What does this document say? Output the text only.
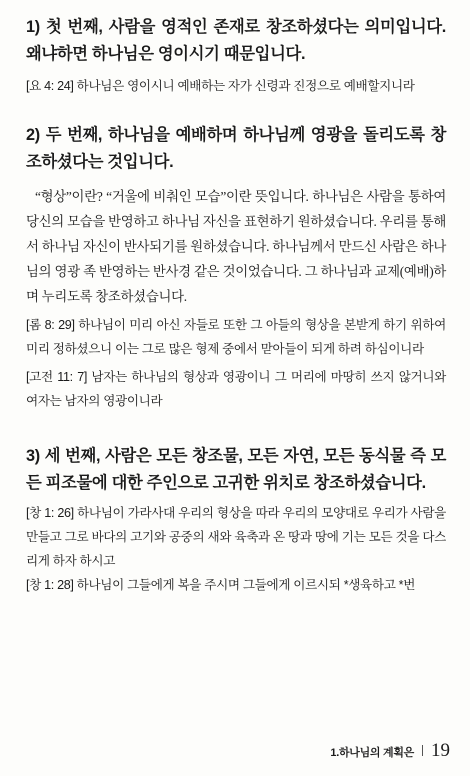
1) 첫 번째, 사람을 영적인 존재로 창조하셨다는 의미입니다. 왜냐하면 하나님은 영이시기 때문입니다.

[요 4: 24] 하나님은 영이시니 예배하는 자가 신령과 진정으로 예배할지니라

2) 두 번째, 하나님을 예배하며 하나님께 영광을 돌리도록 창조하셨다는 것입니다.

“형상”이란? “거울에 비춰인 모습”이란 뜻입니다. 하나님은 사람을 통하여 당신의 모습을 반영하고 하나님 자신을 표현하기 원하셨습니다. 우리를 통해서 하나님 자신이 반사되기를 원하셨습니다. 하나님께서 만드신 사람은 하나님의 영광 족 반영하는 반사경 같은 것이었습니다. 그 하나님과 교제(예배)하며 누리도록 창조하셨습니다.

[롬 8: 29] 하나님이 미리 아신 자들로 또한 그 아들의 형상을 본받게 하기 위하여 미리 정하셨으니 이는 그로 많은 형제 중에서 맏아들이 되게 하려 하심이니라

[고전 11: 7] 남자는 하나님의 형상과 영광이니 그 머리에 마땅히 쓰지 않거니와 여자는 남자의 영광이니라

3) 세 번째, 사람은 모든 창조물, 모든 자연, 모든 동식물 즉 모든 피조물에 대한 주인으로 고귀한 위치로 창조하셨습니다.

[창 1: 26] 하나님이 가라사대 우리의 형상을 따라 우리의 모양대로 우리가 사람을 만들고 그로 바다의 고기와 공중의 새와 육축과 온 땅과 땅에 기는 모든 것을 다스리게 하자 하시고

[창 1: 28] 하나님이 그들에게 복을 주시며 그들에게 이르시되 *생육하고 *번

1.하나님의 계획은 19
